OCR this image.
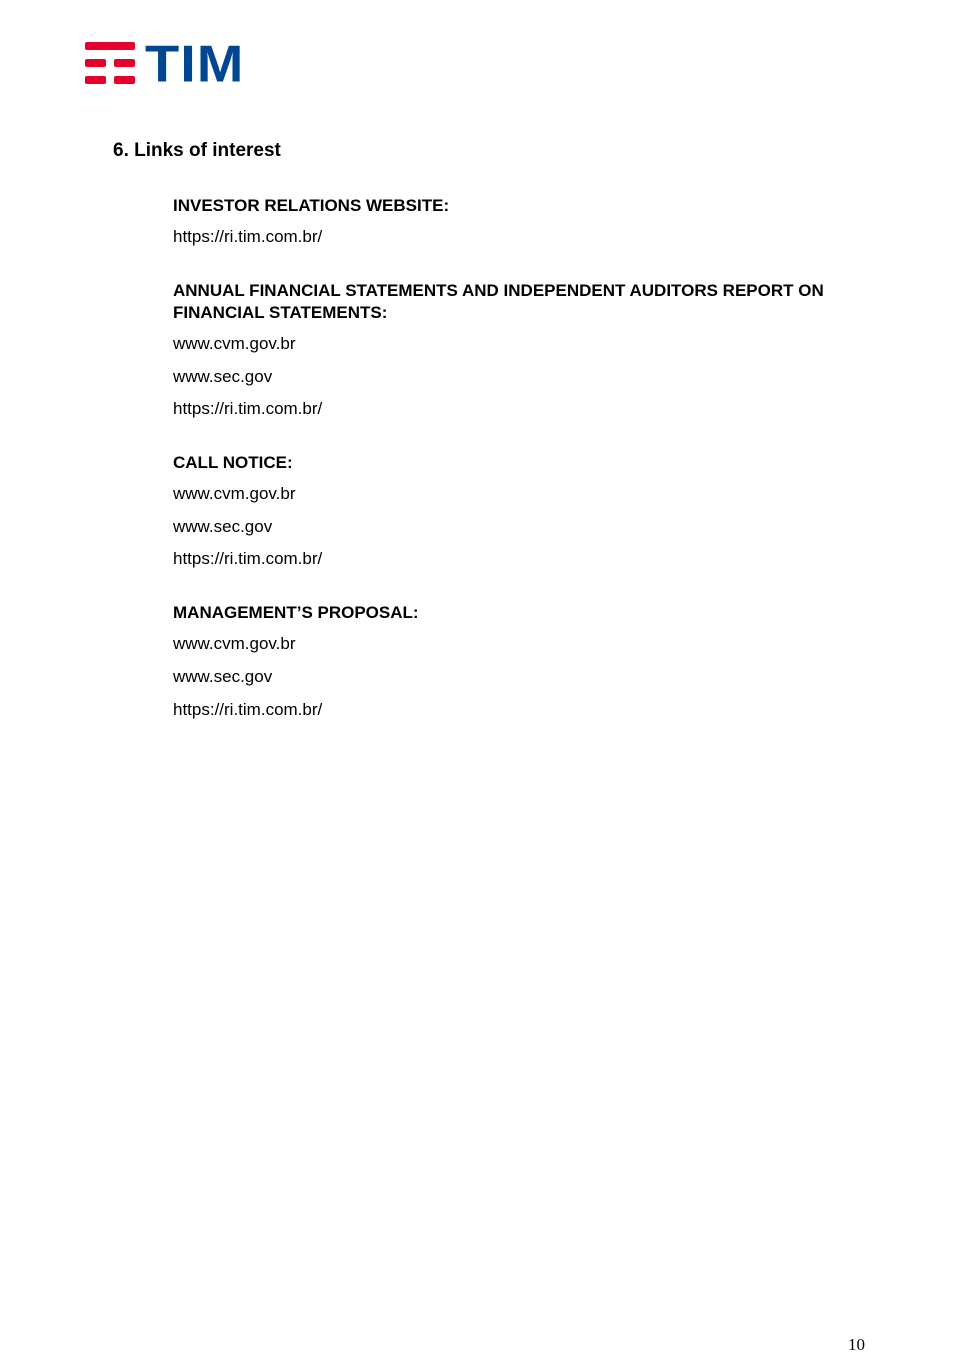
TIM
6. Links of interest

INVESTOR RELATIONS WEBSITE:

https://ri.tim.com.br/

ANNUAL FINANCIAL STATEMENTS AND INDEPENDENT AUDITORS REPORT ON FINANCIAL STATEMENTS:

www.cvm.gov.br
www.sec.gov
https://ri.tim.com.br/

CALL NOTICE:

www.cvm.gov.br
www.sec.gov
https://ri.tim.com.br/

MANAGEMENT’S PROPOSAL:

www.cvm.gov.br
www.sec.gov
https://ri.tim.com.br/
10
